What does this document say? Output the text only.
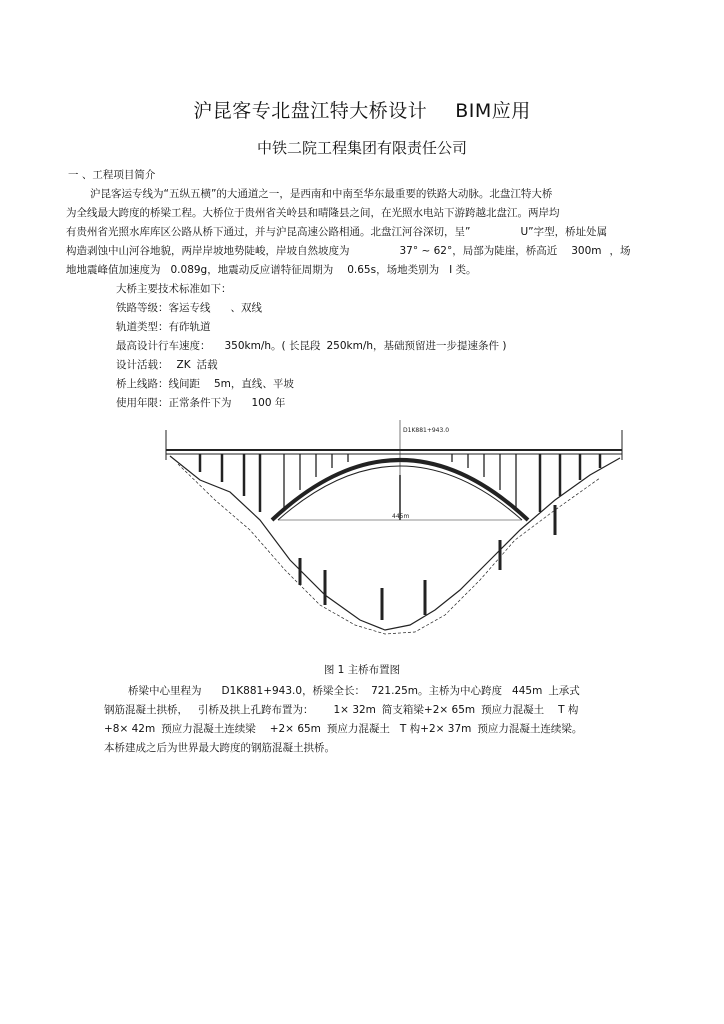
沪昆客专北盘江特大桥设计 BIM应用
中铁二院工程集团有限责任公司
一 、工程项目简介
沪昆客运专线为“五纵五横”的大通道之一，是西南和中南至华东最重要的铁路大动脉。北盘江特大桥
为全线最大跨度的桥梁工程。大桥位于贵州省关岭县和晴隆县之间，在光照水电站下游跨越北盘江。两岸均
有贵州省光照水库库区公路从桥下通过，并与沪昆高速公路相通。北盘江河谷深切，呈”	U”字型，桥址处属
构造剥蚀中山河谷地貌，两岸岸坡地势陡峻，岸坡自然坡度为	37° ~ 62°，局部为陡崖，桥高近 300m ，场
地地震峰值加速度为 0.089g，地震动反应谱特征周期为 0.65s，场地类别为 I 类。
大桥主要技术标准如下：
铁路等级：客运专线 、双线
轨道类型：有砟轨道
最高设计行车速度： 350km/h。( 长昆段 250km/h，基础预留进一步提速条件 )
设计活载： ZK 活载
桥上线路：线间距 5m，直线、平坡
使用年限：正常条件下为 100 年
D1K881+943.0
445m
图 1 主桥布置图
桥梁中心里程为 D1K881+943.0，桥梁全长： 721.25m。主桥为中心跨度 445m 上承式
钢筋混凝土拱桥， 引桥及拱上孔跨布置为： 1× 32m 简支箱梁+2× 65m 预应力混凝土 T 构
+8× 42m 预应力混凝土连续梁 +2× 65m 预应力混凝土 T 构+2× 37m 预应力混凝土连续梁。
本桥建成之后为世界最大跨度的钢筋混凝土拱桥。
